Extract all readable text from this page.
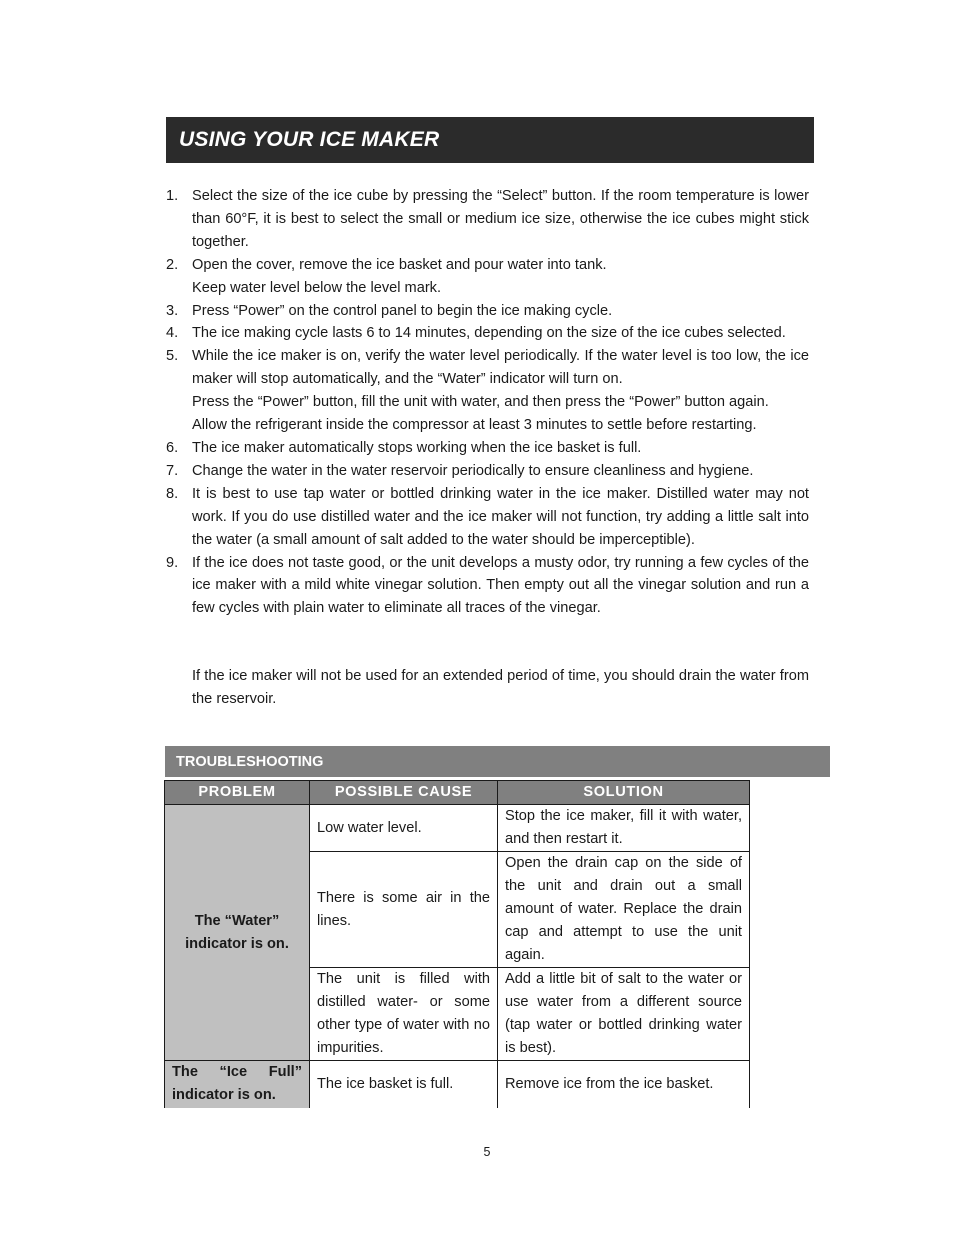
USING YOUR ICE MAKER
1. Select the size of the ice cube by pressing the “Select” button. If the room temperature is lower than 60°F, it is best to select the small or medium ice size, otherwise the ice cubes might stick together.
2. Open the cover, remove the ice basket and pour water into tank.
Keep water level below the level mark.
3. Press “Power” on the control panel to begin the ice making cycle.
4. The ice making cycle lasts 6 to 14 minutes, depending on the size of the ice cubes selected.
5. While the ice maker is on, verify the water level periodically. If the water level is too low, the ice maker will stop automatically, and the “Water” indicator will turn on.
Press the “Power” button, fill the unit with water, and then press the “Power” button again.
Allow the refrigerant inside the compressor at least 3 minutes to settle before restarting.
6. The ice maker automatically stops working when the ice basket is full.
7. Change the water in the water reservoir periodically to ensure cleanliness and hygiene.
8. It is best to use tap water or bottled drinking water in the ice maker. Distilled water may not work. If you do use distilled water and the ice maker will not function, try adding a little salt into the water (a small amount of salt added to the water should be imperceptible).
9. If the ice does not taste good, or the unit develops a musty odor, try running a few cycles of the ice maker with a mild white vinegar solution. Then empty out all the vinegar solution and run a few cycles with plain water to eliminate all traces of the vinegar.
If the ice maker will not be used for an extended period of time, you should drain the water from the reservoir.
TROUBLESHOOTING
PROBLEM	POSSIBLE CAUSE	SOLUTION
The “Water” indicator is on.	Low water level.	Stop the ice maker, fill it with water, and then restart it.
	There is some air in the lines.	Open the drain cap on the side of the unit and drain out a small amount of water. Replace the drain cap and attempt to use the unit again.
	The unit is filled with distilled water- or some other type of water with no impurities.	Add a little bit of salt to the water or use water from a different source (tap water or bottled drinking water is best).
The “Ice Full” indicator is on.	The ice basket is full.	Remove ice from the ice basket.
5
